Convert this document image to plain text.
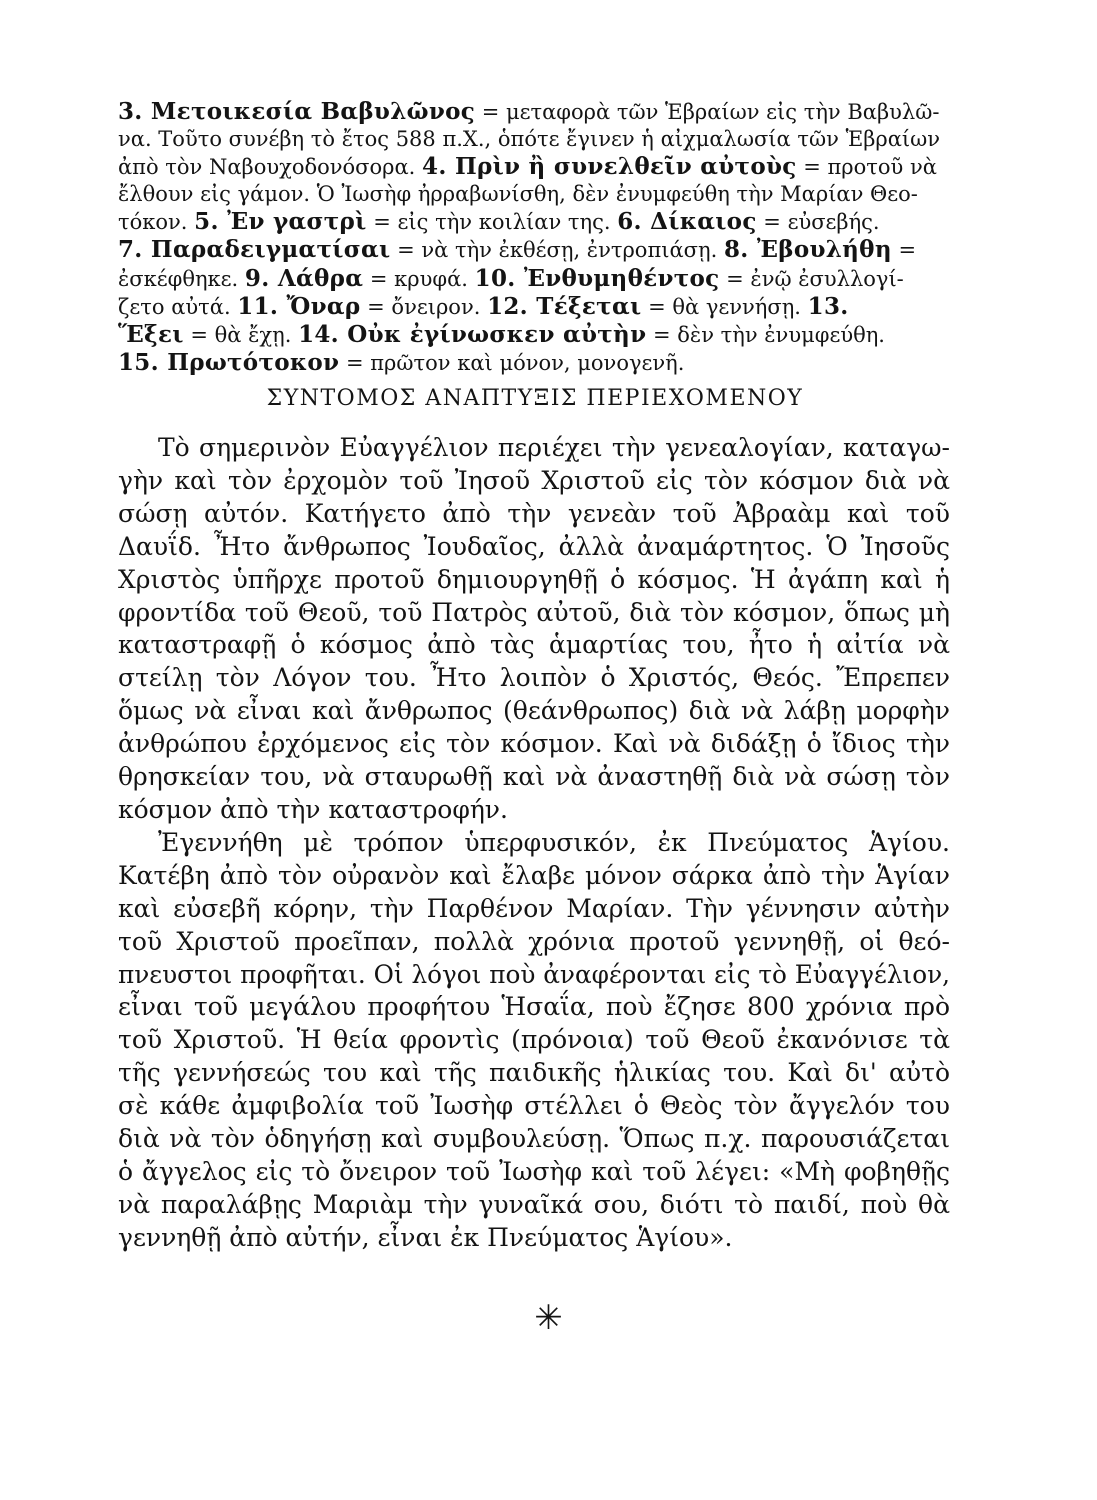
3. Μετοικεσία Βαβυλῶνος = μεταφορὰ τῶν Ἑβραίων εἰς τὴν Βαβυλῶ-
να. Τοῦτο συνέβη τὸ ἔτος 588 π.Χ., ὁπότε ἔγινεν ἡ αἰχμαλωσία τῶν Ἑβραίων
ἀπὸ τὸν Ναβουχοδονόσορα. 4. Πρὶν ἢ συνελθεῖν αὐτοὺς = προτοῦ νὰ
ἔλθουν εἰς γάμον. Ὁ Ἰωσὴφ ἠρραβωνίσθη, δὲν ἐνυμφεύθη τὴν Μαρίαν Θεο-
τόκον. 5. Ἐν γαστρὶ = εἰς τὴν κοιλίαν της. 6. Δίκαιος = εὐσεβής.
7. Παραδειγματίσαι = νὰ τὴν ἐκθέσῃ, ἐντροπιάσῃ. 8. Ἐβουλήθη =
ἐσκέφθηκε. 9. Λάθρα = κρυφά. 10. Ἐνθυμηθέντος = ἐνῷ ἐσυλλογί-
ζετο αὐτά. 11. Ὄναρ = ὄνειρον. 12. Τέξεται = θὰ γεννήσῃ. 13.
Ἕξει = θὰ ἔχῃ. 14. Οὐκ ἐγίνωσκεν αὐτὴν = δὲν τὴν ἐνυμφεύθη.
15. Πρωτότοκον = πρῶτον καὶ μόνον, μονογενῆ.
ΣΥΝΤΟΜΟΣ ΑΝΑΠΤΥΞΙΣ ΠΕΡΙΕΧΟΜΕΝΟΥ
Τὸ σημερινὸν Εὐαγγέλιον περιέχει τὴν γενεαλογίαν, καταγω-
γὴν καὶ τὸν ἐρχομὸν τοῦ Ἰησοῦ Χριστοῦ εἰς τὸν κόσμον διὰ νὰ
σώσῃ αὐτόν. Κατήγετο ἀπὸ τὴν γενεὰν τοῦ Ἀβραὰμ καὶ τοῦ
Δαυΐδ. Ἦτο ἄνθρωπος Ἰουδαῖος, ἀλλὰ ἀναμάρτητος. Ὁ Ἰησοῦς
Χριστὸς ὑπῆρχε προτοῦ δημιουργηθῇ ὁ κόσμος. Ἡ ἀγάπη καὶ ἡ
φροντίδα τοῦ Θεοῦ, τοῦ Πατρὸς αὐτοῦ, διὰ τὸν κόσμον, ὅπως μὴ
καταστραφῇ ὁ κόσμος ἀπὸ τὰς ἁμαρτίας του, ἦτο ἡ αἰτία νὰ
στείλῃ τὸν Λόγον του. Ἦτο λοιπὸν ὁ Χριστός, Θεός. Ἔπρεπεν
ὅμως νὰ εἶναι καὶ ἄνθρωπος (θεάνθρωπος) διὰ νὰ λάβῃ μορφὴν
ἀνθρώπου ἐρχόμενος εἰς τὸν κόσμον. Καὶ νὰ διδάξῃ ὁ ἴδιος τὴν
θρησκείαν του, νὰ σταυρωθῇ καὶ νὰ ἀναστηθῇ διὰ νὰ σώσῃ τὸν
κόσμον ἀπὸ τὴν καταστροφήν.
Ἐγεννήθη μὲ τρόπον ὑπερφυσικόν, ἐκ Πνεύματος Ἁγίου.
Κατέβη ἀπὸ τὸν οὐρανὸν καὶ ἔλαβε μόνον σάρκα ἀπὸ τὴν Ἁγίαν
καὶ εὐσεβῆ κόρην, τὴν Παρθένον Μαρίαν. Τὴν γέννησιν αὐτὴν
τοῦ Χριστοῦ προεῖπαν, πολλὰ χρόνια προτοῦ γεννηθῇ, οἱ θεό-
πνευστοι προφῆται. Οἱ λόγοι ποὺ ἀναφέρονται εἰς τὸ Εὐαγγέλιον,
εἶναι τοῦ μεγάλου προφήτου Ἡσαΐα, ποὺ ἔζησε 800 χρόνια πρὸ
τοῦ Χριστοῦ. Ἡ θεία φροντὶς (πρόνοια) τοῦ Θεοῦ ἐκανόνισε τὰ
τῆς γεννήσεώς του καὶ τῆς παιδικῆς ἡλικίας του. Καὶ δι' αὐτὸ
σὲ κάθε ἀμφιβολία τοῦ Ἰωσὴφ στέλλει ὁ Θεὸς τὸν ἄγγελόν του
διὰ νὰ τὸν ὁδηγήσῃ καὶ συμβουλεύσῃ. Ὅπως π.χ. παρουσιάζεται
ὁ ἄγγελος εἰς τὸ ὄνειρον τοῦ Ἰωσὴφ καὶ τοῦ λέγει: «Μὴ φοβηθῇς
νὰ παραλάβῃς Μαριὰμ τὴν γυναῖκά σου, διότι τὸ παιδί, ποὺ θὰ
γεννηθῇ ἀπὸ αὐτήν, εἶναι ἐκ Πνεύματος Ἁγίου».
✳
